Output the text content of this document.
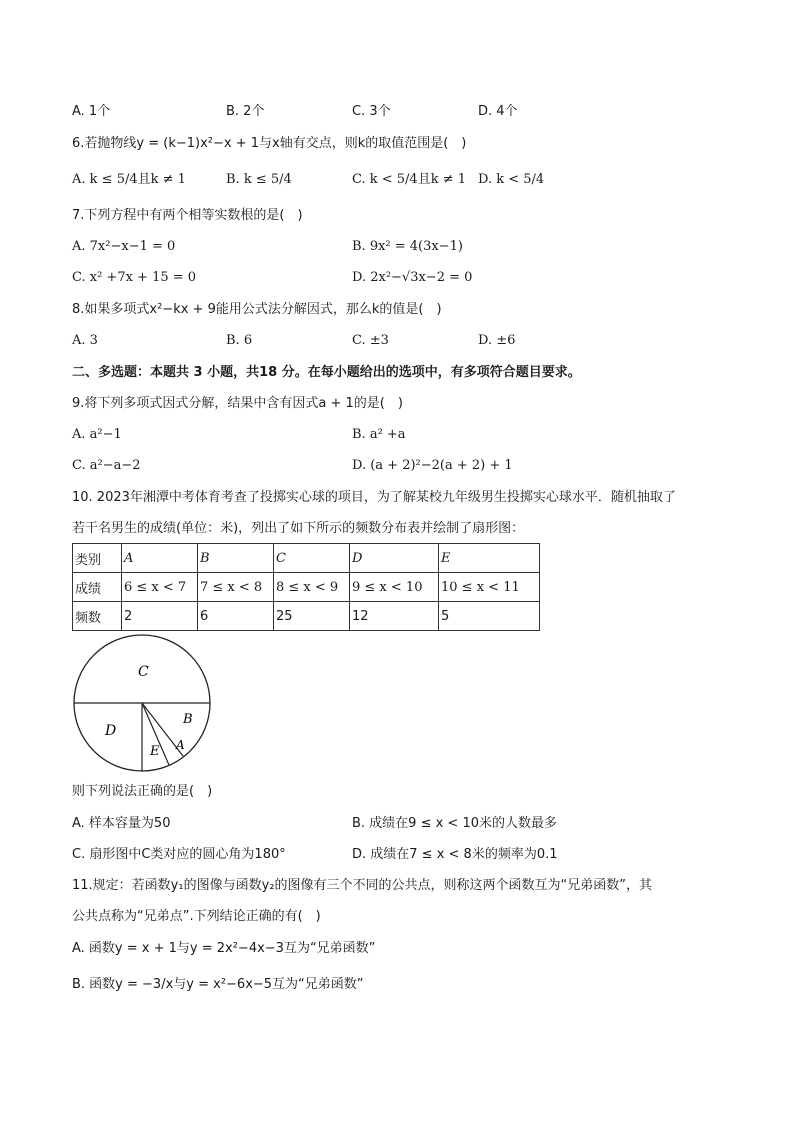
A. 1个	B. 2个	C. 3个	D. 4个
6.若抛物线y = (k−1)x²−x + 1与x轴有交点，则k的取值范围是(　)
A. k ≤ 5/4且k ≠ 1	B. k ≤ 5/4	C. k < 5/4且k ≠ 1 D. k < 5/4
7.下列方程中有两个相等实数根的是(　)
A. 7x²−x−1 = 0	B. 9x² = 4(3x−1)
C. x² +7x + 15 = 0	D. 2x²−√3x−2 = 0
8.如果多项式x²−kx + 9能用公式法分解因式，那么k的值是(　)
A. 3	B. 6	C. ±3	D. ±6
二、多选题：本题共 3 小题，共18 分。在每小题给出的选项中，有多项符合题目要求。
9.将下列多项式因式分解，结果中含有因式a + 1的是(　)
A. a²−1	B. a² +a
C. a²−a−2	D. (a + 2)²−2(a + 2) + 1
10. 2023年湘潭中考体育考查了投掷实心球的项目，为了解某校九年级男生投掷实心球水平．随机抽取了
若干名男生的成绩(单位：米)，列出了如下所示的频数分布表并绘制了扇形图：
类别	A	B	C	D	E
成绩	6 ≤ x < 7	7 ≤ x < 8	8 ≤ x < 9	9 ≤ x < 10	10 ≤ x < 11
频数	2	6	25	12	5
C
D
E A
B
则下列说法正确的是(　)
A. 样本容量为50	B. 成绩在9 ≤ x < 10米的人数最多
C. 扇形图中C类对应的圆心角为180°	D. 成绩在7 ≤ x < 8米的频率为0.1
11.规定：若函数y₁的图像与函数y₂的图像有三个不同的公共点，则称这两个函数互为“兄弟函数”，其
公共点称为“兄弟点”.下列结论正确的有(　)
A. 函数y = x + 1与y = 2x²−4x−3互为“兄弟函数”
B. 函数y = −3/x与y = x²−6x−5互为“兄弟函数”
